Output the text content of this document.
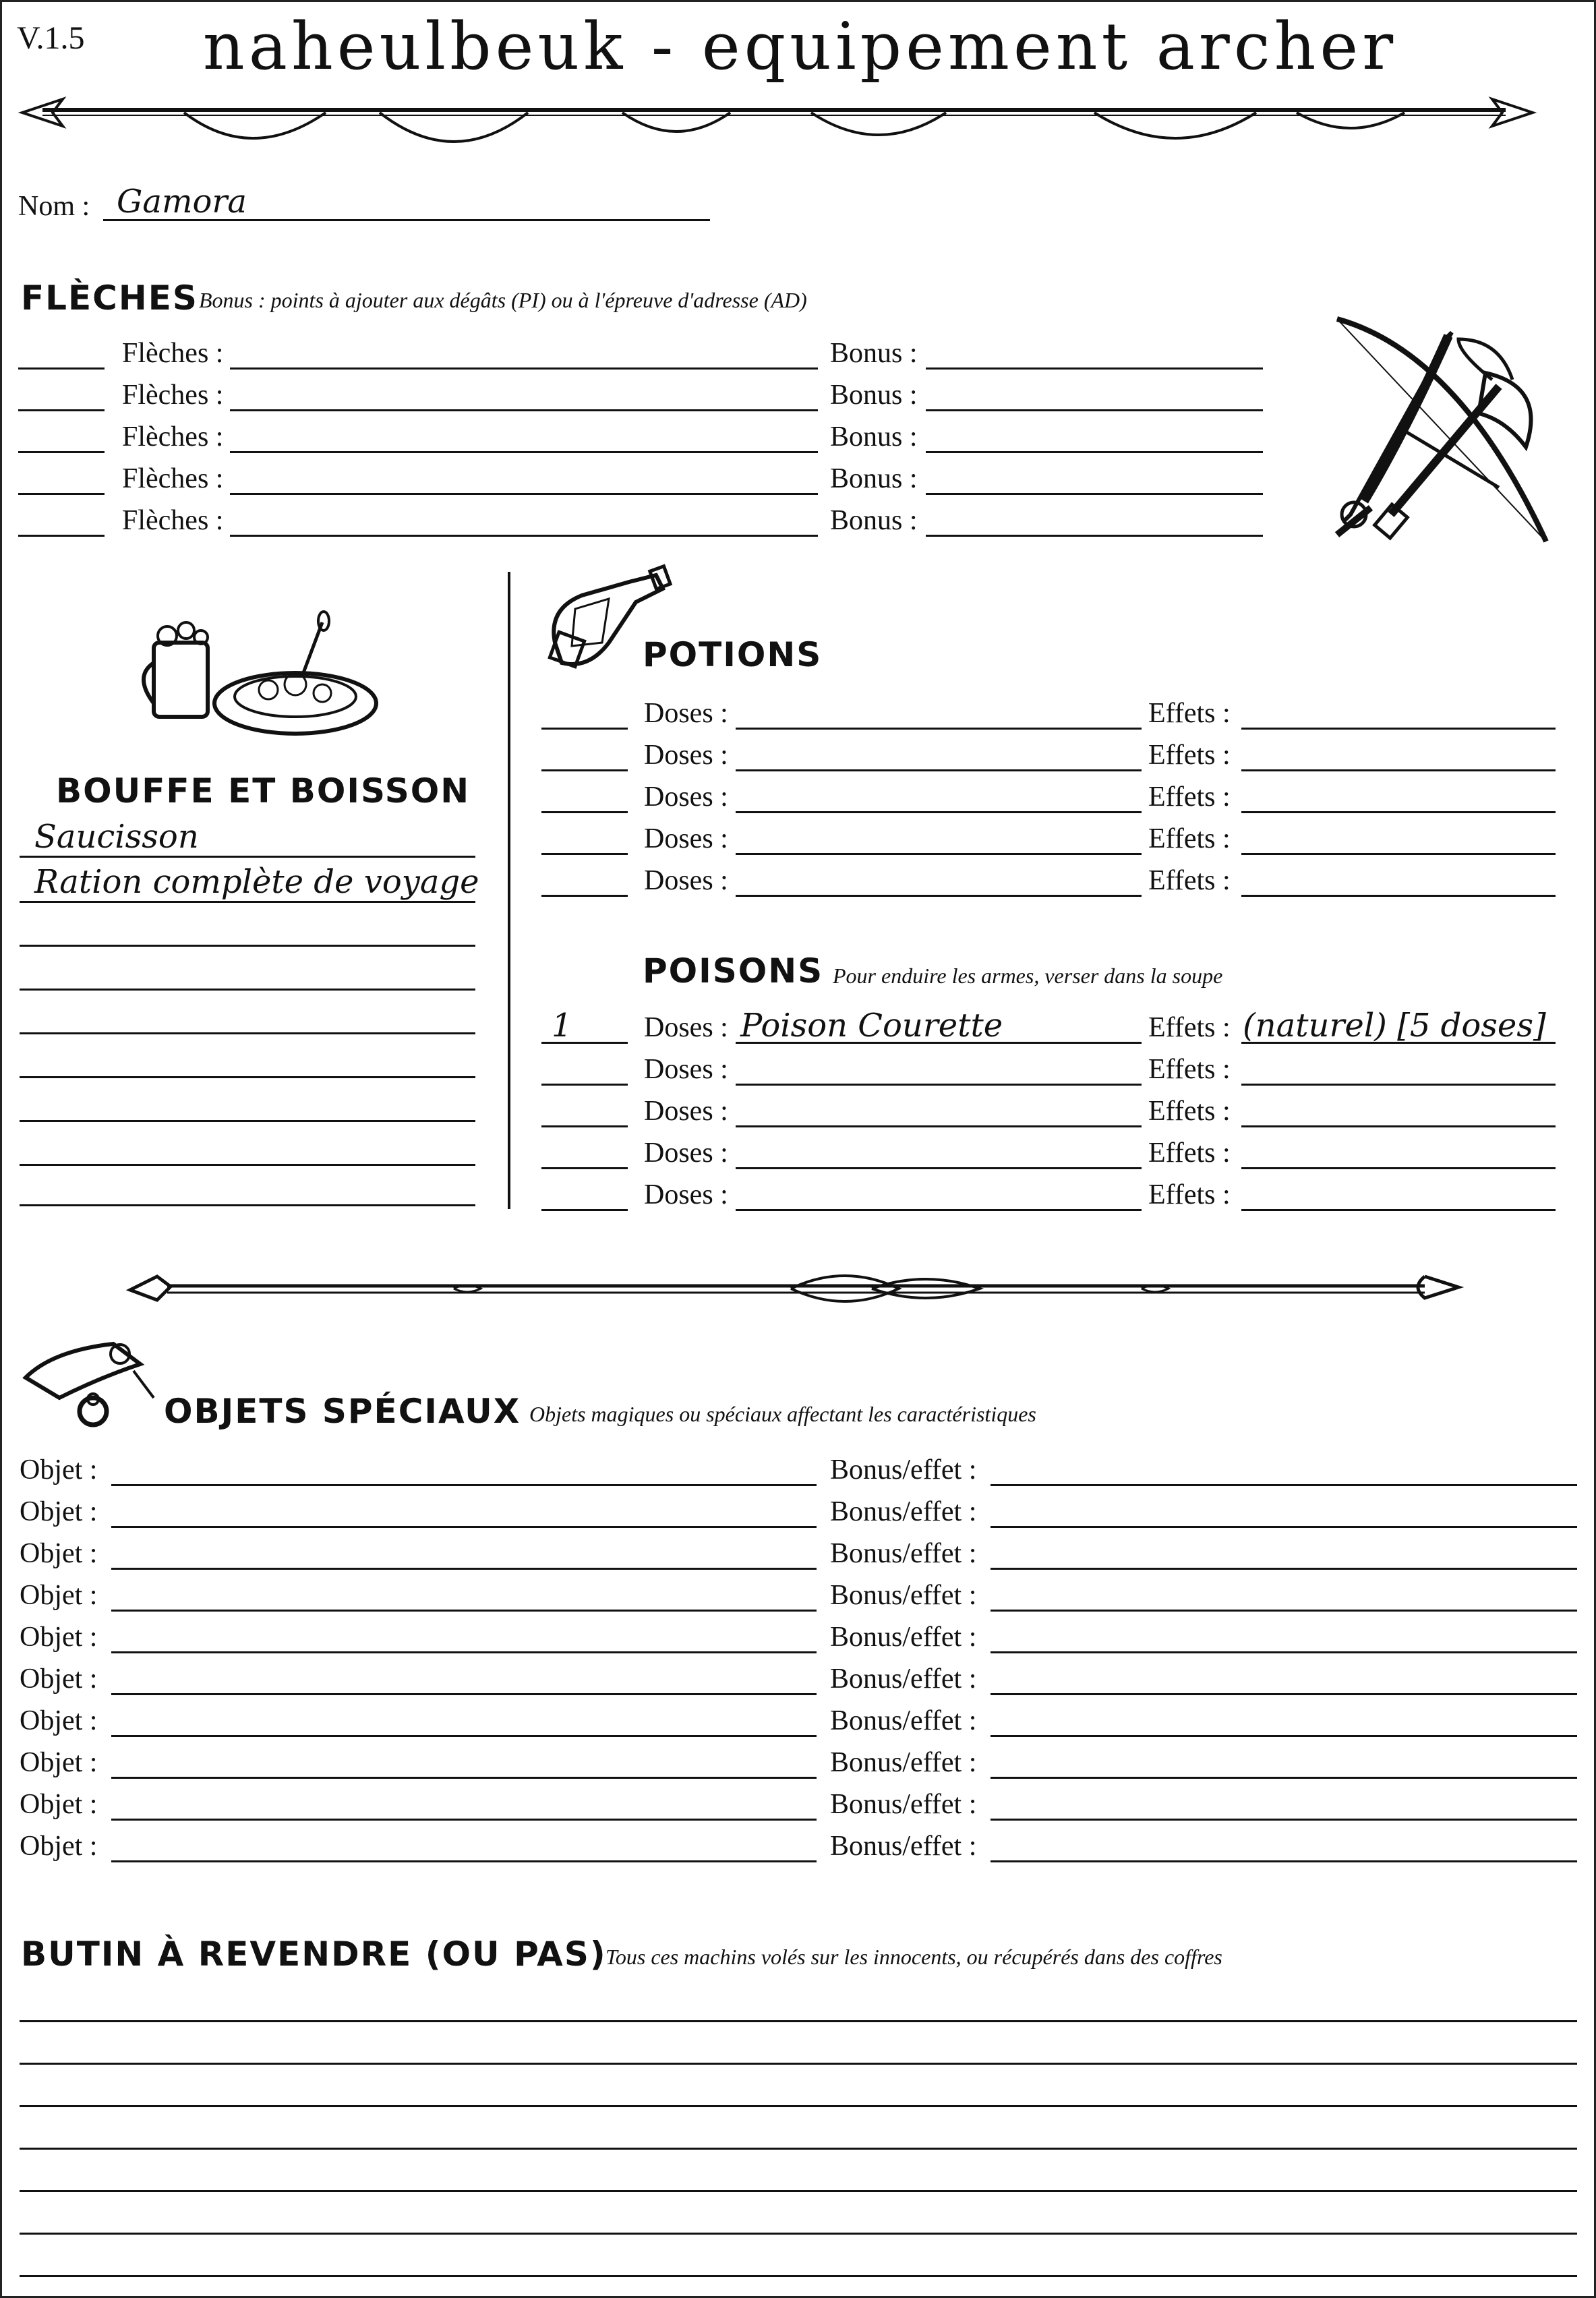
V.1.5	naheulbeuk - equipement archer
Nom : Gamora
FLÈCHES Bonus : points à ajouter aux dégâts (PI) ou à l'épreuve d'adresse (AD)
Flèches :	Bonus :
Flèches :	Bonus :
Flèches :	Bonus :
Flèches :	Bonus :
Flèches :	Bonus :
BOUFFE ET BOISSON
Saucisson
Ration complète de voyage
POTIONS
Doses :	Effets :
Doses :	Effets :
Doses :	Effets :
Doses :	Effets :
Doses :	Effets :
POISONS Pour enduire les armes, verser dans la soupe
1	Doses : Poison Courette	Effets : (naturel) [5 doses]
Doses :	Effets :
Doses :	Effets :
Doses :	Effets :
Doses :	Effets :
OBJETS SPÉCIAUX Objets magiques ou spéciaux affectant les caractéristiques
Objet :	Bonus/effet :
Objet :	Bonus/effet :
Objet :	Bonus/effet :
Objet :	Bonus/effet :
Objet :	Bonus/effet :
Objet :	Bonus/effet :
Objet :	Bonus/effet :
Objet :	Bonus/effet :
Objet :	Bonus/effet :
Objet :	Bonus/effet :
BUTIN À REVENDRE (OU PAS)
Tous ces machins volés sur les innocents, ou récupérés dans des coffres
